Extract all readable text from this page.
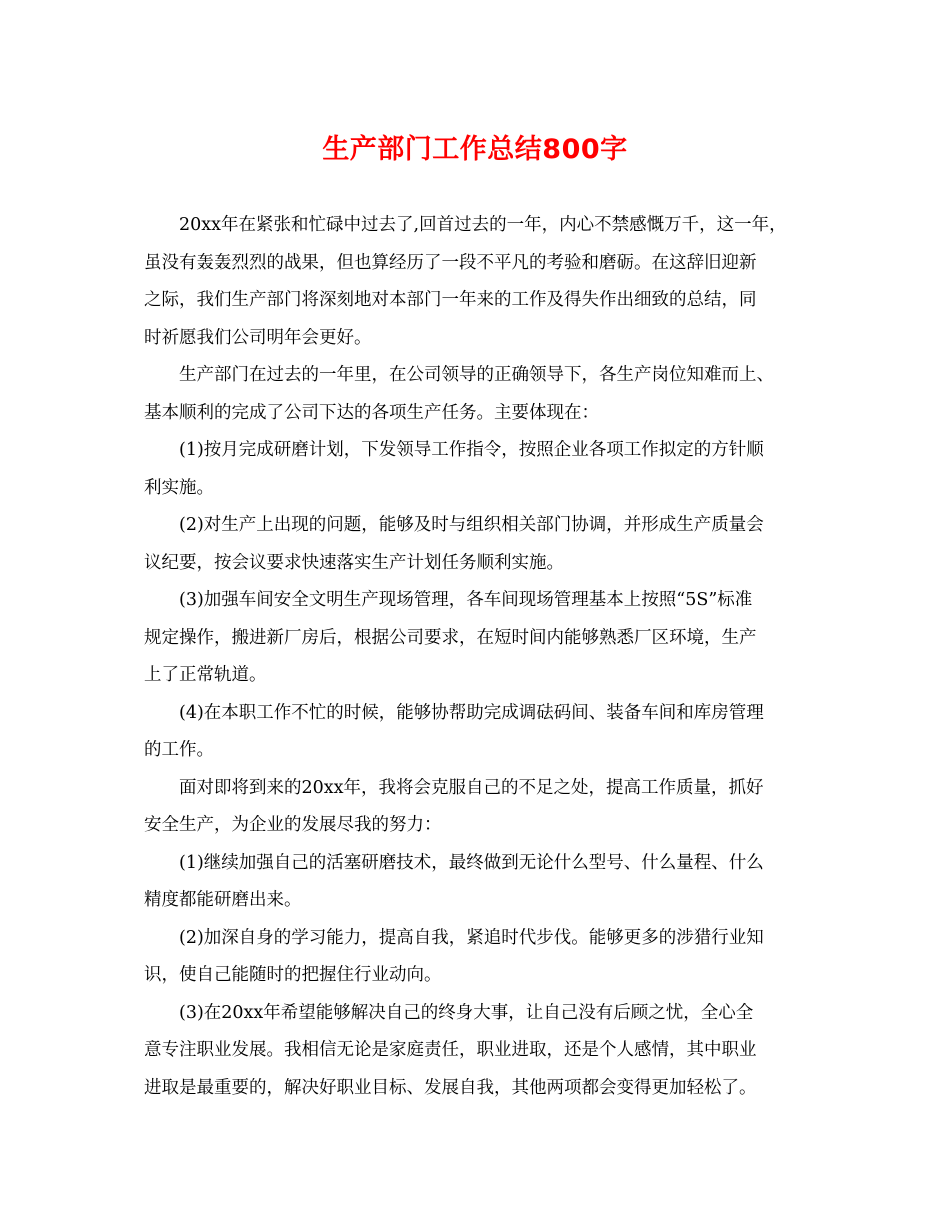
生产部门工作总结800字
20xx年在紧张和忙碌中过去了,回首过去的一年，内心不禁感慨万千，这一年，
虽没有轰轰烈烈的战果，但也算经历了一段不平凡的考验和磨砺。在这辞旧迎新
之际，我们生产部门将深刻地对本部门一年来的工作及得失作出细致的总结，同
时祈愿我们公司明年会更好。
生产部门在过去的一年里，在公司领导的正确领导下，各生产岗位知难而上、
基本顺利的完成了公司下达的各项生产任务。主要体现在：
(1)按月完成研磨计划，下发领导工作指令，按照企业各项工作拟定的方针顺
利实施。
(2)对生产上出现的问题，能够及时与组织相关部门协调，并形成生产质量会
议纪要，按会议要求快速落实生产计划任务顺利实施。
(3)加强车间安全文明生产现场管理，各车间现场管理基本上按照“5S”标准
规定操作，搬进新厂房后，根据公司要求，在短时间内能够熟悉厂区环境，生产
上了正常轨道。
(4)在本职工作不忙的时候，能够协帮助完成调砝码间、装备车间和库房管理
的工作。
面对即将到来的20xx年，我将会克服自己的不足之处，提高工作质量，抓好
安全生产，为企业的发展尽我的努力：
(1)继续加强自己的活塞研磨技术，最终做到无论什么型号、什么量程、什么
精度都能研磨出来。
(2)加深自身的学习能力，提高自我，紧追时代步伐。能够更多的涉猎行业知
识，使自己能随时的把握住行业动向。
(3)在20xx年希望能够解决自己的终身大事，让自己没有后顾之忧，全心全
意专注职业发展。我相信无论是家庭责任，职业进取，还是个人感情，其中职业
进取是最重要的，解决好职业目标、发展自我，其他两项都会变得更加轻松了。
